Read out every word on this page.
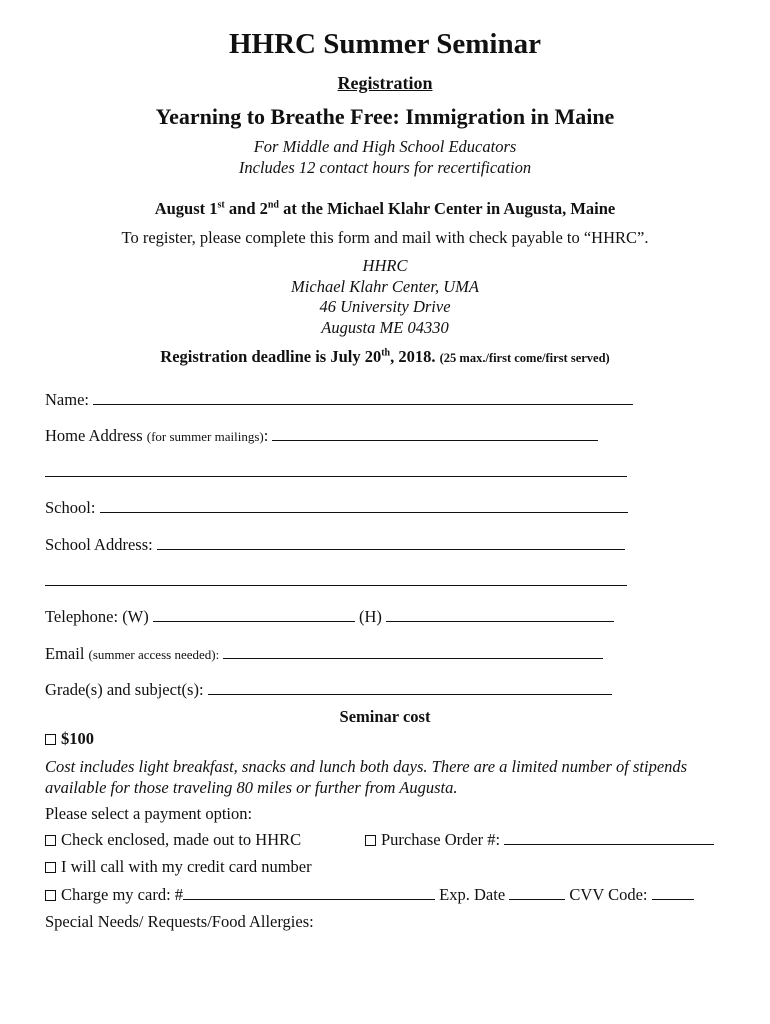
HHRC Summer Seminar
Registration
Yearning to Breathe Free: Immigration in Maine
For Middle and High School Educators
Includes 12 contact hours for recertification
August 1st and 2nd at the Michael Klahr Center in Augusta, Maine
To register, please complete this form and mail with check payable to “HHRC”.
HHRC
Michael Klahr Center, UMA
46 University Drive
Augusta ME 04330
Registration deadline is July 20th, 2018. (25 max./first come/first served)
Name:
Home Address (for summer mailings):
School:
School Address:
Telephone: (W)	(H)
Email (summer access needed):
Grade(s) and subject(s):
Seminar cost
$100
Cost includes light breakfast, snacks and lunch both days. There are a limited number of stipends available for those traveling 80 miles or further from Augusta.
Please select a payment option:
Check enclosed, made out to HHRC	Purchase Order #:
I will call with my credit card number
Charge my card: #	Exp. Date	CVV Code:
Special Needs/ Requests/Food Allergies:
